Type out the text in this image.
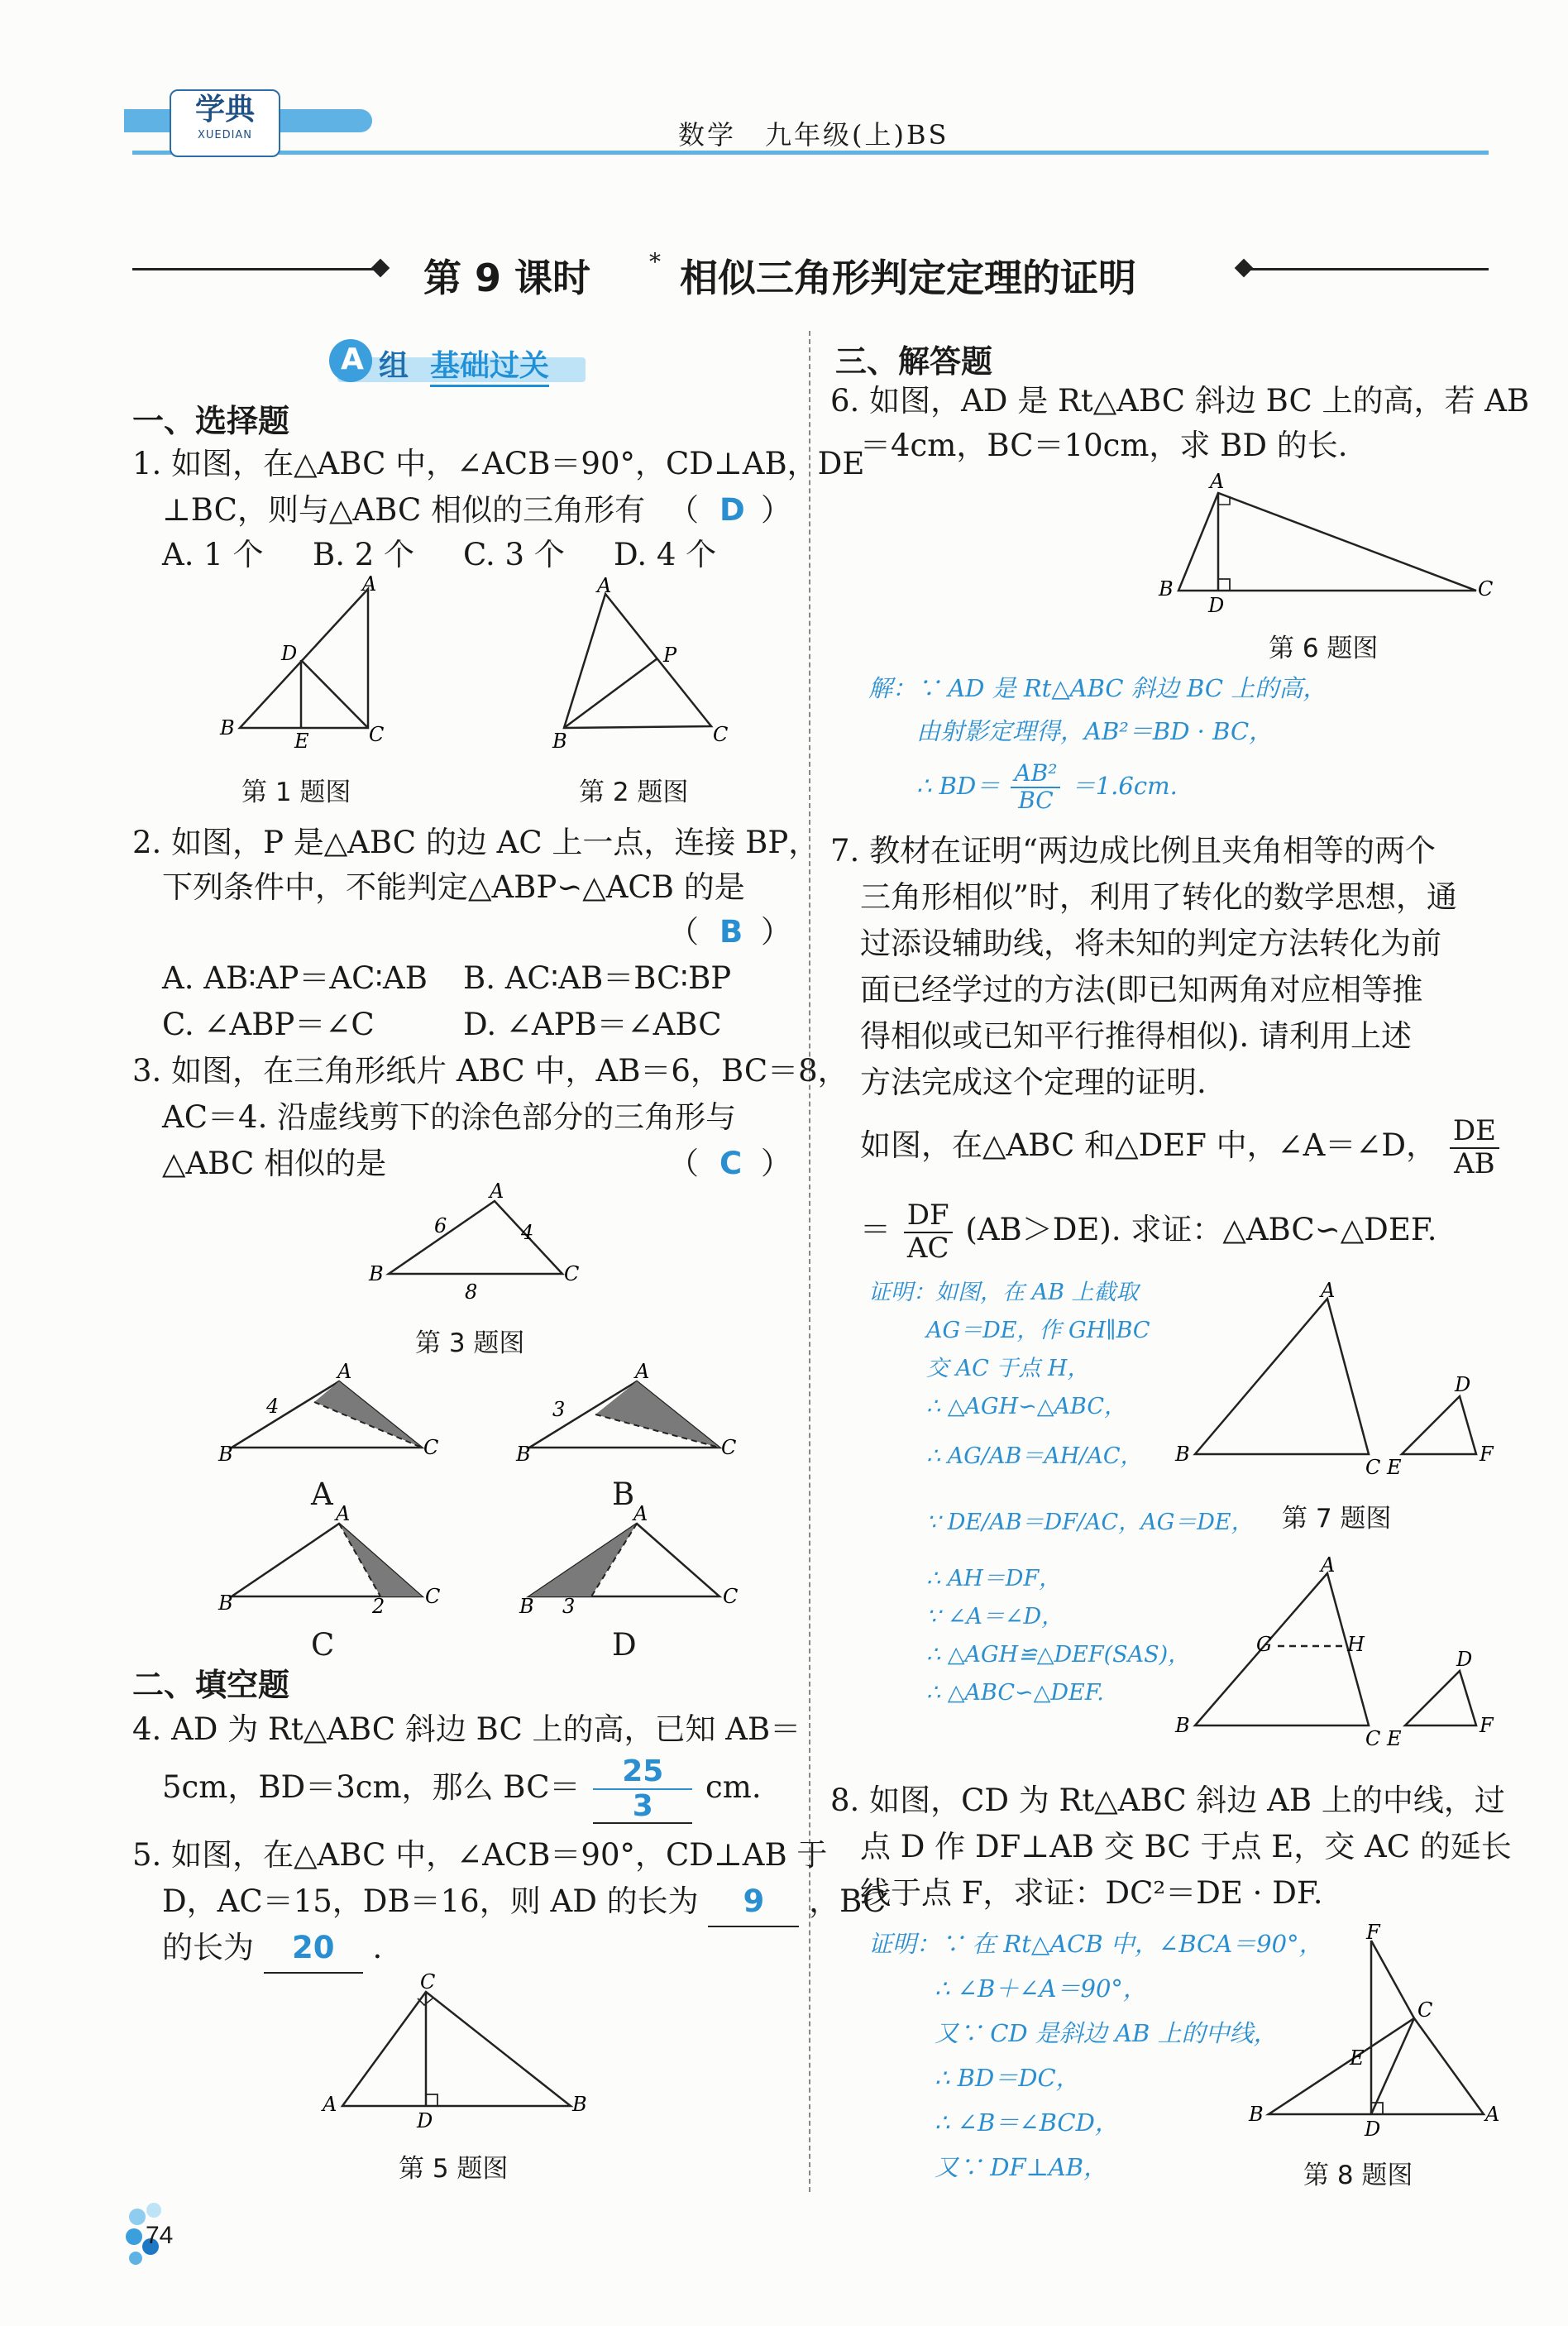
学典
XUEDIAN	数学　九年级(上)BS
第 9 课时	* 相似三角形判定定理的证明
A 组 基础过关
一、选择题
1. 如图，在△ABC 中，∠ACB＝90°，CD⊥AB，DE
⊥BC，则与△ABC 相似的三角形有 （ D ）
A. 1 个 B. 2 个 C. 3 个 D. 4 个
A
D
B
E	C
第 1 题图
A
P
B	C
第 2 题图
2. 如图，P 是△ABC 的边 AC 上一点，连接 BP，
下列条件中，不能判定△ABP∽△ACB 的是
（ B ）
A. AB∶AP＝AC∶AB B. AC∶AB＝BC∶BP
C. ∠ABP＝∠C	D. ∠APB＝∠ABC
3. 如图，在三角形纸片 ABC 中，AB＝6，BC＝8，
AC＝4. 沿虚线剪下的涂色部分的三角形与
△ABC 相似的是	（ C ）
A
B	C
6	4
8
第 3 题图
A
B	C
4
A
A
B	C
3
B
A
B	C
2
C
A
B	C
3
D
二、填空题
4. AD 为 Rt△ABC 斜边 BC 上的高，已知 AB＝
5cm，BD＝3cm，那么 $BC= \frac{25}{3}$ cm.
5. 如图，在△ABC 中，∠ACB＝90°，CD⊥AB 于
D，AC＝15，DB＝16，则 AD 的长为 9 ，BC
的长为 20 .
C
A	B
D
第 5 题图
74
三、解答题
6. 如图，AD 是 Rt△ABC 斜边 BC 上的高，若 AB
＝4cm，BC＝10cm，求 BD 的长.
A
B	C
D
第 6 题图
解：∵ AD 是 Rt△ABC 斜边 BC 上的高，
由射影定理得，AB²＝BD · BC，
∴ $BD= \frac{\text{AB²}}{BC} =1.6cm$.
7. 教材在证明“两边成比例且夹角相等的两个
三角形相似”时，利用了转化的数学思想，通
过添设辅助线，将未知的判定方法转化为前
面已经学过的方法(即已知两角对应相等推
得相似或已知平行推得相似). 请利用上述
方法完成这个定理的证明.
如图，在△ABC 和△DEF 中，∠A＝∠D， $\frac{DE}{AB}$
＝ $\frac{DF}{AC} (AB>DE)$. 求证：△ABC∽△DEF.
证明：如图，在 AB 上截取
AG＝DE，作 GH∥BC
交 AC 于点 H，
∴ △AGH∽△ABC，
∴ AG/AB＝AH/AC，
∵ DE/AB＝DF/AC，AG＝DE，
∴ AH＝DF，
∵ ∠A＝∠D，
∴ △AGH≌△DEF(SAS)，
∴ △ABC∽△DEF.
A
B
C E
F
D
第 7 题图
A
G	H
B
C E
F
D
8. 如图，CD 为 Rt△ABC 斜边 AB 上的中线，过
点 D 作 DF⊥AB 交 BC 于点 E，交 AC 的延长
线于点 F，求证：DC²＝DE · DF.
证明：∵ 在 Rt△ACB 中，∠BCA＝90°，
∴ ∠B＋∠A＝90°，
又∵ CD 是斜边 AB 上的中线，
∴ BD＝DC，
∴ ∠B＝∠BCD，
又∵ DF⊥AB，
F
C
E
B	A
D
第 8 题图
